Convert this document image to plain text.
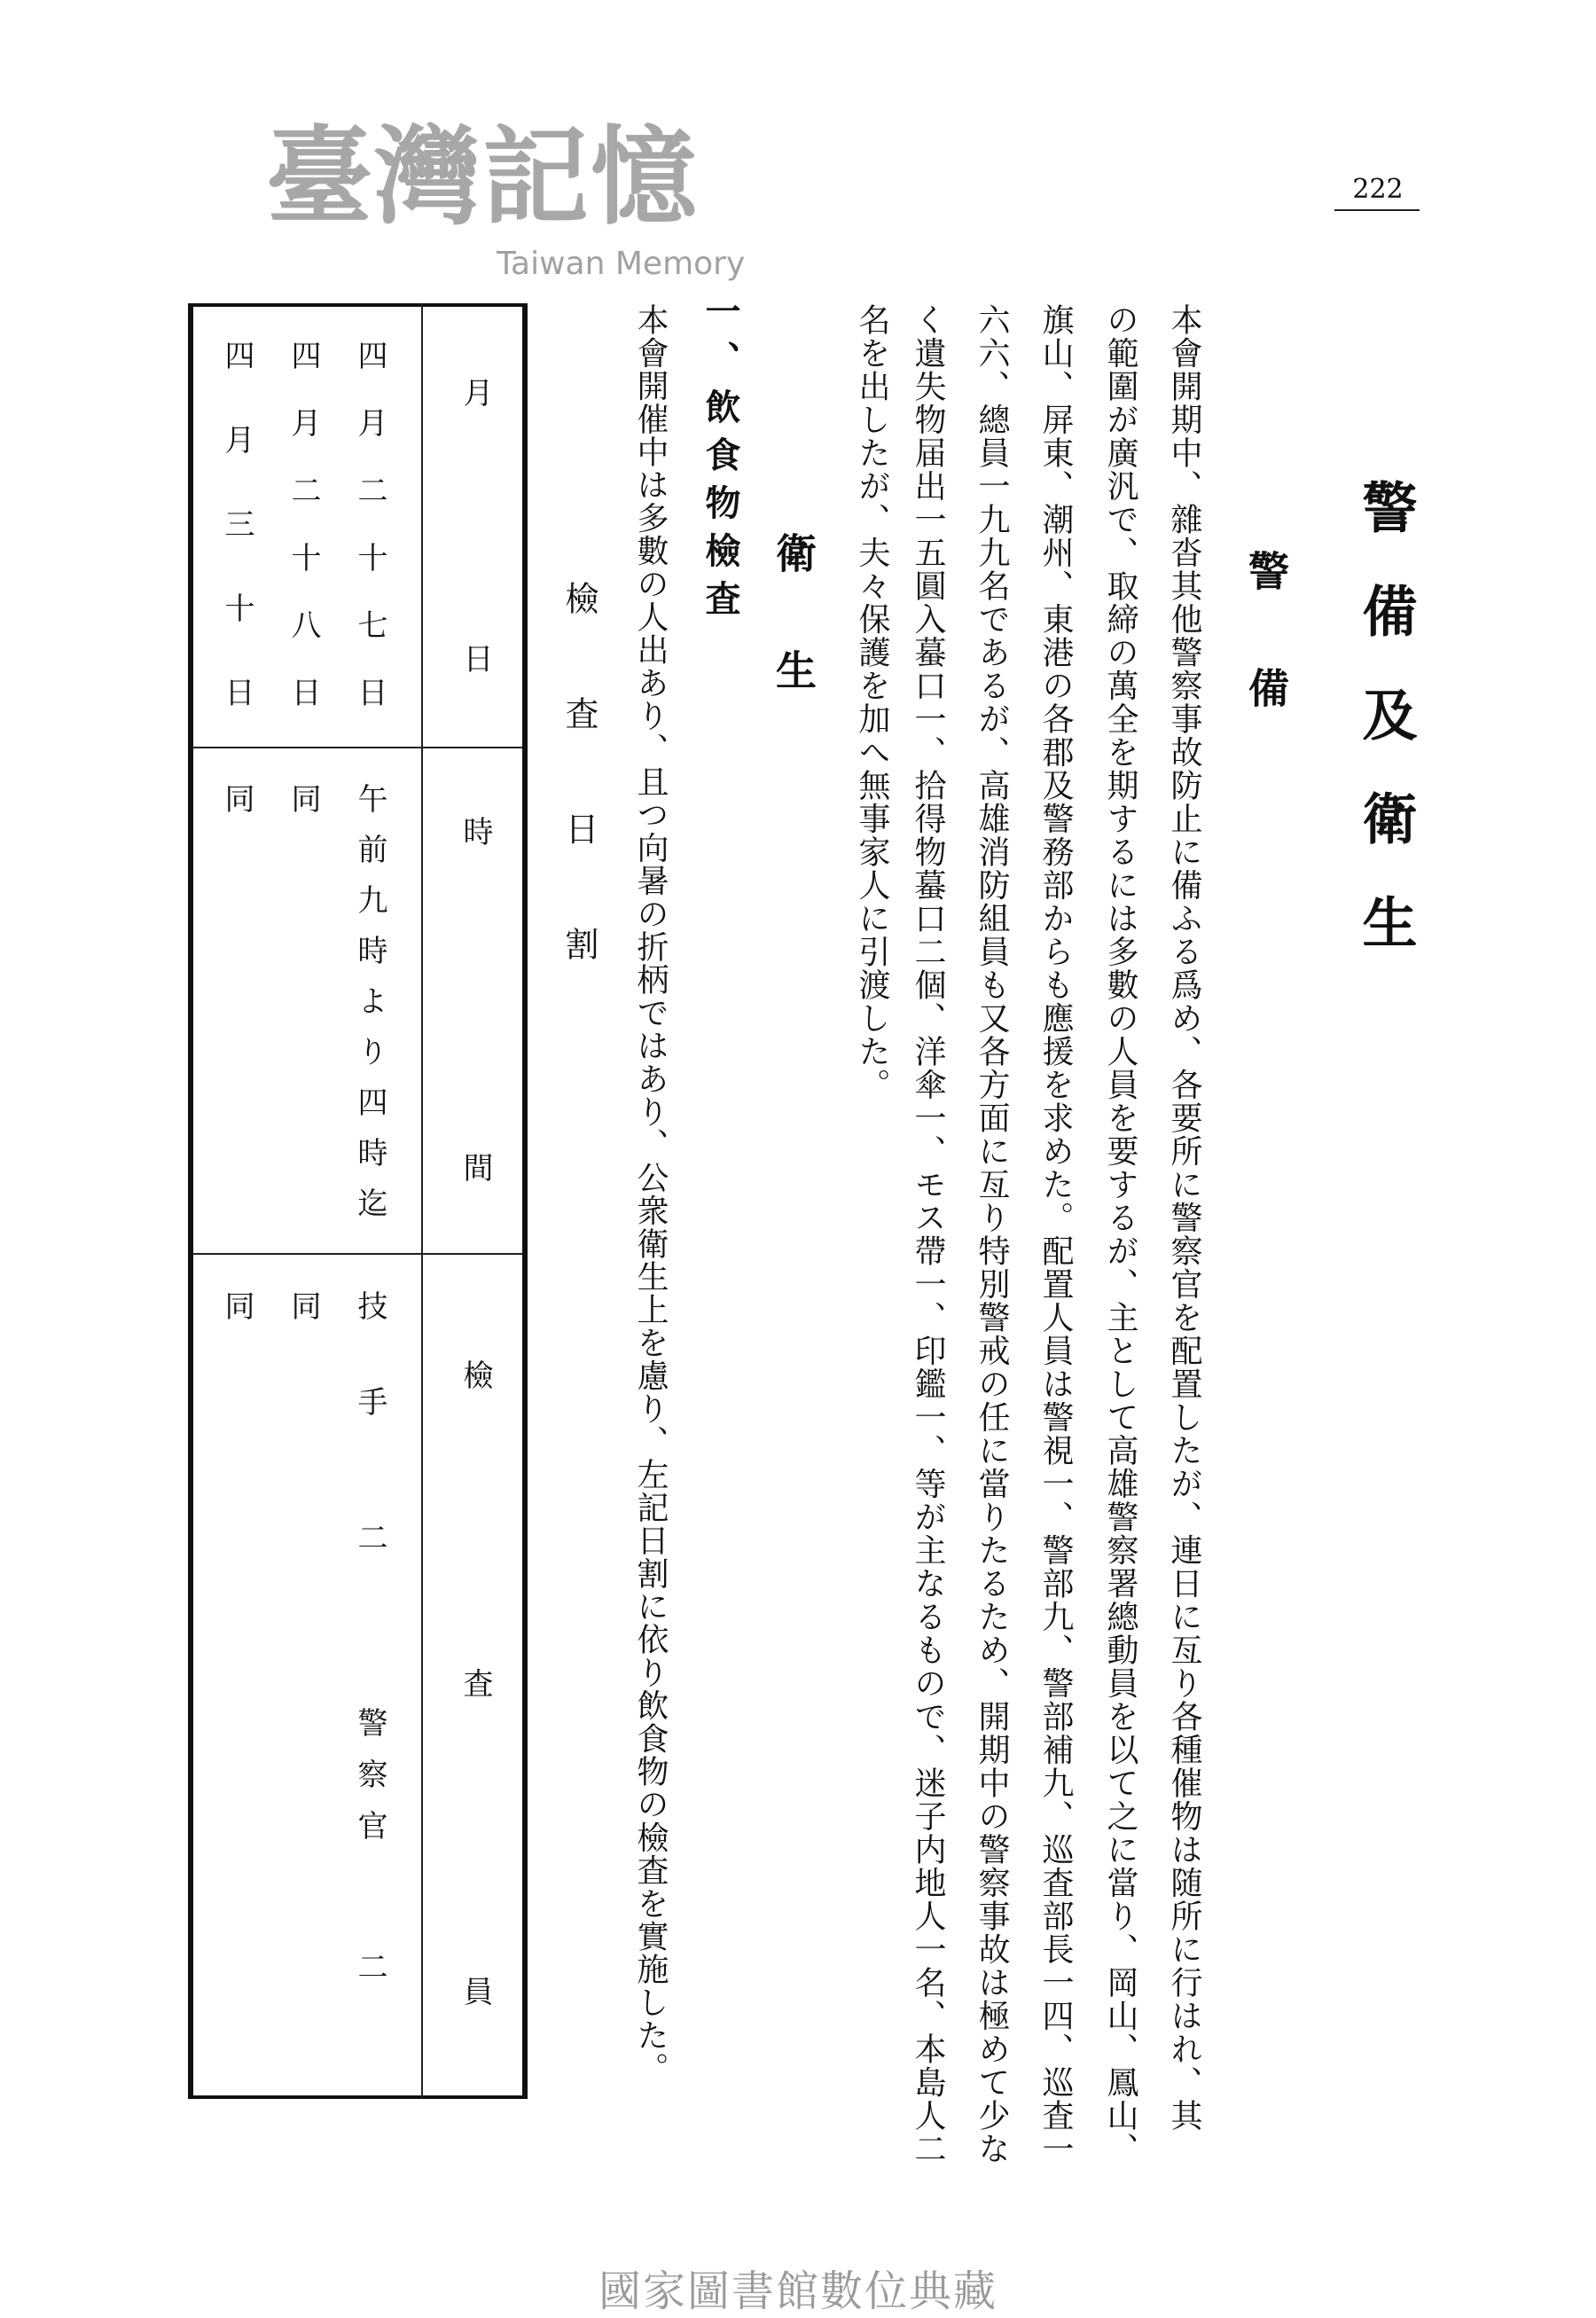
222
警備及衛生
警　備
本會開期中、雜沓其他警察事故防止に備ふる爲め、各要所に警察官を配置したが、連日に亙り各種催物は随所に行はれ、其
の範圍が廣汎で、取締の萬全を期するには多數の人員を要するが、主として高雄警察署總動員を以て之に當り、岡山、鳳山、
旗山、屏東、潮州、東港の各郡及警務部からも應援を求めた。配置人員は警視一、警部九、警部補九、巡査部長一四、巡査一
六六、總員一九九名であるが、高雄消防組員も又各方面に亙り特別警戒の任に當りたるため、開期中の警察事故は極めて少な
く遺失物届出一五圓入蟇口一、拾得物蟇口二個、洋傘一、モス帶一、印鑑一、等が主なるもので、迷子内地人一名、本島人二
名を出したが、夫々保護を加へ無事家人に引渡した。
衛　生
一、飲食物檢査
本會開催中は多數の人出あり、且つ向暑の折柄ではあり、公衆衛生上を慮り、左記日割に依り飲食物の檢査を實施した。
檢査日割
月日
時間
檢査員
四月二十七日
午前九時より四時迄
技手
二
警察官
二
四月二十八日
同
同
四月三十日
同
同
臺灣記憶
Taiwan Memory
國家圖書館數位典藏
